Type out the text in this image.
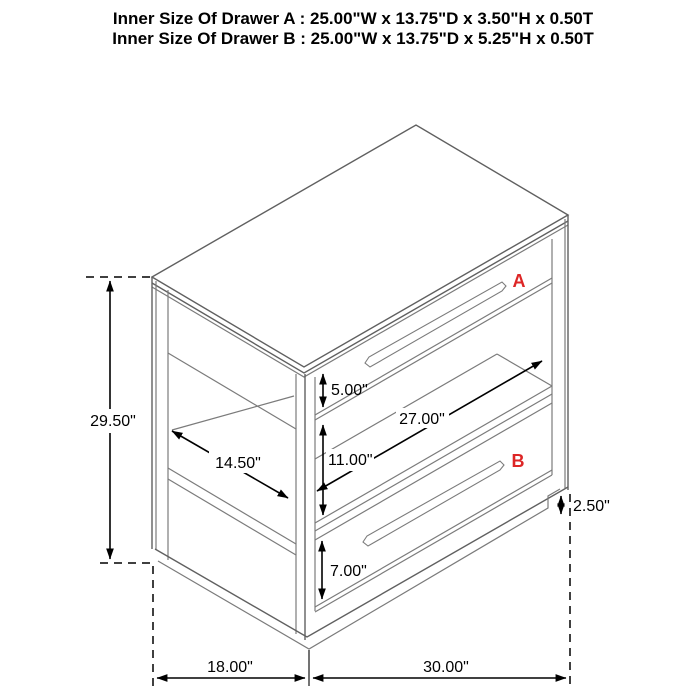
29.50"
5.00"
11.00"
7.00"
27.00"
14.50"
2.50"
18.00"	30.00"
A
B
Inner Size Of Drawer A : 25.00"W x 13.75"D x 3.50"H x 0.50T
Inner Size Of Drawer B : 25.00"W x 13.75"D x 5.25"H x 0.50T
